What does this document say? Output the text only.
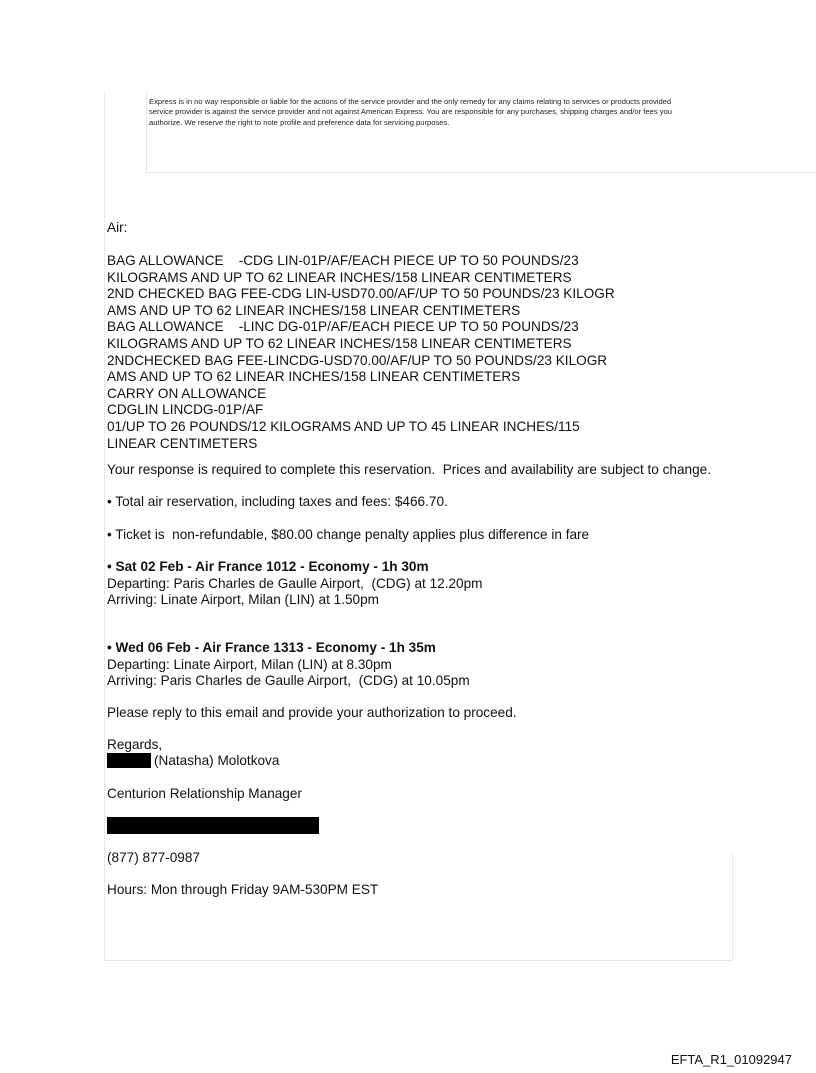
Express is in no way responsible or liable for the actions of the service provider and the only remedy for any claims relating to services or products provided
service provider is against the service provider and not against American Express. You are responsible for any purchases, shipping charges and/or fees you
authorize. We reserve the right to note profile and preference data for servicing purposes.
Air:
BAG ALLOWANCE    -CDG LIN-01P/AF/EACH PIECE UP TO 50 POUNDS/23
KILOGRAMS AND UP TO 62 LINEAR INCHES/158 LINEAR CENTIMETERS
2ND CHECKED BAG FEE-CDG LIN-USD70.00/AF/UP TO 50 POUNDS/23 KILOGR
AMS AND UP TO 62 LINEAR INCHES/158 LINEAR CENTIMETERS
BAG ALLOWANCE    -LINC DG-01P/AF/EACH PIECE UP TO 50 POUNDS/23
KILOGRAMS AND UP TO 62 LINEAR INCHES/158 LINEAR CENTIMETERS
2NDCHECKED BAG FEE-LINCDG-USD70.00/AF/UP TO 50 POUNDS/23 KILOGR
AMS AND UP TO 62 LINEAR INCHES/158 LINEAR CENTIMETERS
CARRY ON ALLOWANCE
CDGLIN LINCDG-01P/AF
01/UP TO 26 POUNDS/12 KILOGRAMS AND UP TO 45 LINEAR INCHES/115
LINEAR CENTIMETERS
Your response is required to complete this reservation.  Prices and availability are subject to change.
• Total air reservation, including taxes and fees: $466.70.
• Ticket is  non-refundable, $80.00 change penalty applies plus difference in fare
• Sat 02 Feb - Air France 1012 - Economy - 1h 30m
Departing: Paris Charles de Gaulle Airport,  (CDG) at 12.20pm
Arriving: Linate Airport, Milan (LIN) at 1.50pm
• Wed 06 Feb - Air France 1313 - Economy - 1h 35m
Departing: Linate Airport, Milan (LIN) at 8.30pm
Arriving: Paris Charles de Gaulle Airport,  (CDG) at 10.05pm
Please reply to this email and provide your authorization to proceed.
Regards,
(Natasha) Molotkova
Centurion Relationship Manager
(877) 877-0987
Hours: Mon through Friday 9AM-530PM EST
EFTA_R1_01092947
